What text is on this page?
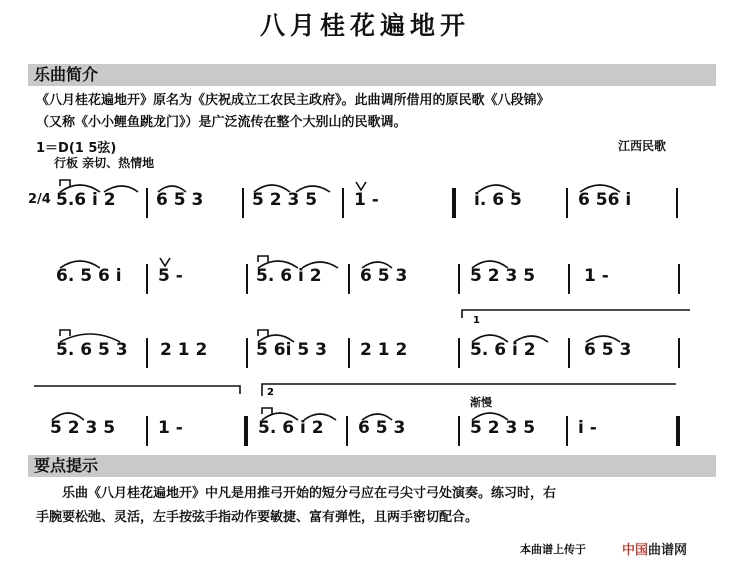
八月桂花遍地开
乐曲简介
《八月桂花遍地开》原名为《庆祝成立工农民主政府》。此曲调所借用的原民歌《八段锦》
（又称《小小鲤鱼跳龙门》）是广泛流传在整个大别山的民歌调。
1＝D(1 5弦)
行板 亲切、热情地
江西民歌
2/4 5.6 i 2 6 5 3	5 2 3 5 1 -	i. 6 5	6 56 i
6. 5 6 i 5 -	5. 6 i 2 6 5 3	5 2 3 5	1 -
5. 6 5 3 2 1 2	5 6i 5 3 2 1 2	5. 6 i 2	6 5 3
5 2 3 5	1 -	5. 6 i 2 6 5 3
渐慢
5 2 3 5	i -
1
2
要点提示
乐曲《八月桂花遍地开》中凡是用推弓开始的短分弓应在弓尖寸弓处演奏。练习时，右
手腕要松弛、灵活，左手按弦手指动作要敏捷、富有弹性，且两手密切配合。
本曲谱上传于	中国曲谱网
